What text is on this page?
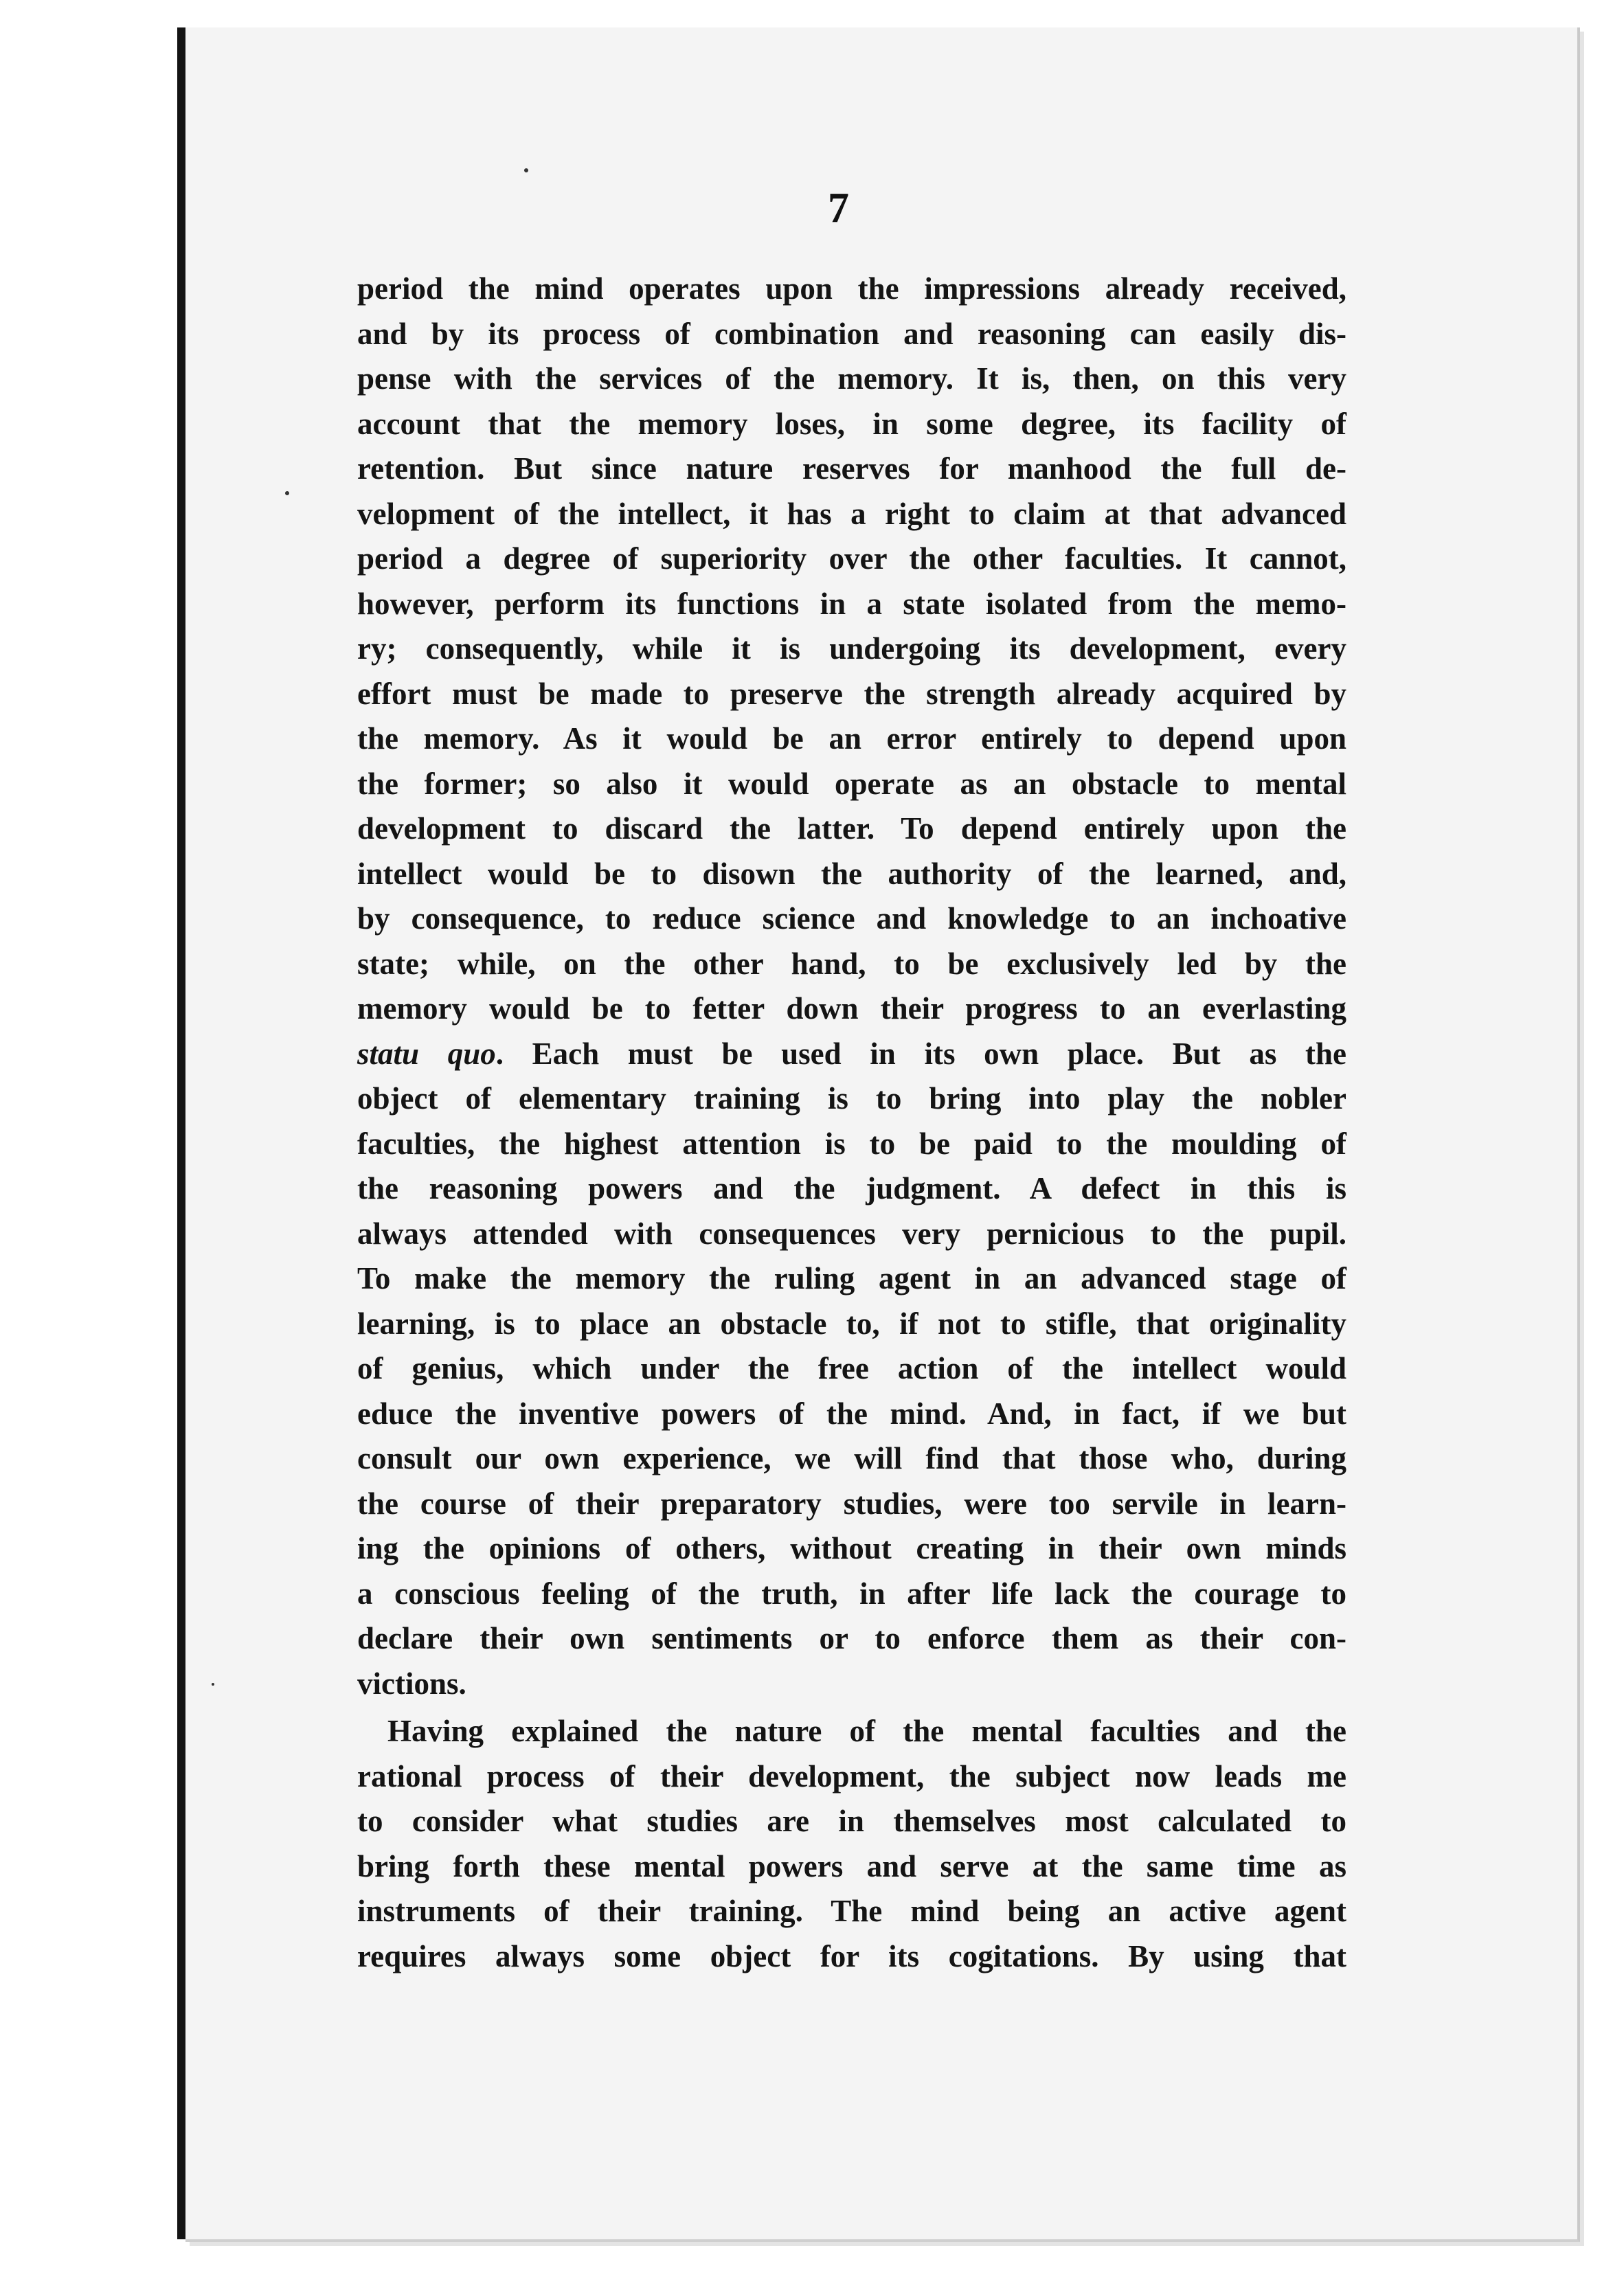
7
period the mind operates upon the impressions already received,
and by its process of combination and reasoning can easily dis-
pense with the services of the memory. It is, then, on this very
account that the memory loses, in some degree, its facility of
retention. But since nature reserves for manhood the full de-
velopment of the intellect, it has a right to claim at that advanced
period a degree of superiority over the other faculties. It cannot,
however, perform its functions in a state isolated from the memo-
ry; consequently, while it is undergoing its development, every
effort must be made to preserve the strength already acquired by
the memory. As it would be an error entirely to depend upon
the former; so also it would operate as an obstacle to mental
development to discard the latter. To depend entirely upon the
intellect would be to disown the authority of the learned, and,
by consequence, to reduce science and knowledge to an inchoative
state; while, on the other hand, to be exclusively led by the
memory would be to fetter down their progress to an everlasting
statu quo. Each must be used in its own place. But as the
object of elementary training is to bring into play the nobler
faculties, the highest attention is to be paid to the moulding of
the reasoning powers and the judgment. A defect in this is
always attended with consequences very pernicious to the pupil.
To make the memory the ruling agent in an advanced stage of
learning, is to place an obstacle to, if not to stifle, that originality
of genius, which under the free action of the intellect would
educe the inventive powers of the mind. And, in fact, if we but
consult our own experience, we will find that those who, during
the course of their preparatory studies, were too servile in learn-
ing the opinions of others, without creating in their own minds
a conscious feeling of the truth, in after life lack the courage to
declare their own sentiments or to enforce them as their con-
victions.
Having explained the nature of the mental faculties and the
rational process of their development, the subject now leads me
to consider what studies are in themselves most calculated to
bring forth these mental powers and serve at the same time as
instruments of their training. The mind being an active agent
requires always some object for its cogitations. By using that
